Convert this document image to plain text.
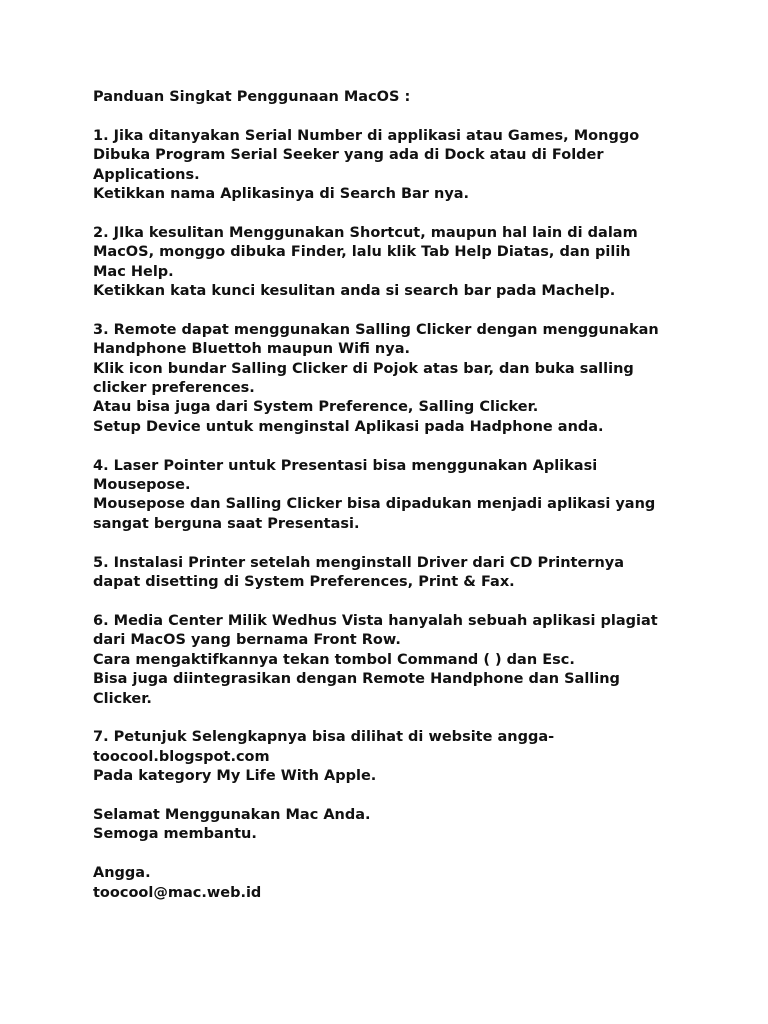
Panduan Singkat Penggunaan MacOS :
1. Jika ditanyakan Serial Number di applikasi atau Games, Monggo
Dibuka Program Serial Seeker yang ada di Dock atau di Folder
Applications.
Ketikkan nama Aplikasinya di Search Bar nya.
2. JIka kesulitan Menggunakan Shortcut, maupun hal lain di dalam
MacOS, monggo dibuka Finder, lalu klik Tab Help Diatas, dan pilih
Mac Help.
Ketikkan kata kunci kesulitan anda si search bar pada Machelp.
3. Remote dapat menggunakan Salling Clicker dengan menggunakan
Handphone Bluettoh maupun Wifi nya.
Klik icon bundar Salling Clicker di Pojok atas bar, dan buka salling
clicker preferences.
Atau bisa juga dari System Preference, Salling Clicker.
Setup Device untuk menginstal Aplikasi pada Hadphone anda.
4. Laser Pointer untuk Presentasi bisa menggunakan Aplikasi
Mousepose.
Mousepose dan Salling Clicker bisa dipadukan menjadi aplikasi yang
sangat berguna saat Presentasi.
5. Instalasi Printer setelah menginstall Driver dari CD Printernya
dapat disetting di System Preferences, Print & Fax.
6. Media Center Milik Wedhus Vista hanyalah sebuah aplikasi plagiat
dari MacOS yang bernama Front Row.
Cara mengaktifkannya tekan tombol Command ( ) dan Esc.
Bisa juga diintegrasikan dengan Remote Handphone dan Salling
Clicker.
7. Petunjuk Selengkapnya bisa dilihat di website angga-
toocool.blogspot.com
Pada kategory My Life With Apple.
Selamat Menggunakan Mac Anda.
Semoga membantu.
Angga.
toocool@mac.web.id
